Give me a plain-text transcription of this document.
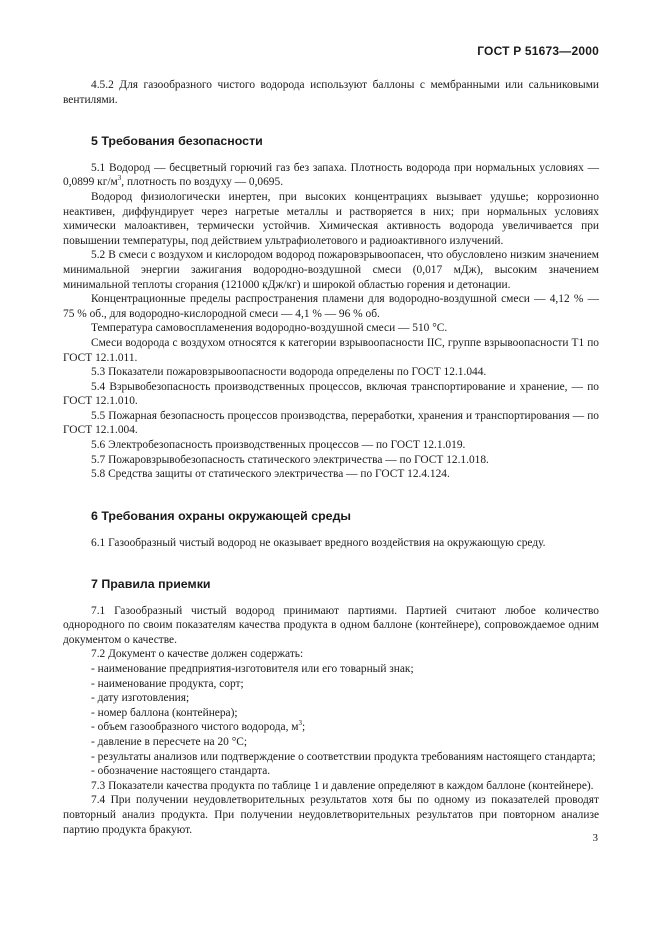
ГОСТ Р 51673—2000

4.5.2 Для газообразного чистого водорода используют баллоны с мембранными или сальниковыми вентилями.

5 Требования безопасности

5.1 Водород — бесцветный горючий газ без запаха. Плотность водорода при нормальных условиях — 0,0899 $кг/м^3$, плотность по воздуху — 0,0695.

Водород физиологически инертен, при высоких концентрациях вызывает удушье; коррозионно неактивен, диффундирует через нагретые металлы и растворяется в них; при нормальных условиях химически малоактивен, термически устойчив. Химическая активность водорода увеличивается при повышении температуры, под действием ультрафиолетового и радиоактивного излучений.

5.2 В смеси с воздухом и кислородом водород пожаровзрывоопасен, что обусловлено низким значением минимальной энергии зажигания водородно-воздушной смеси (0,017 мДж), высоким значением минимальной теплоты сгорания (121000 кДж/кг) и широкой областью горения и детонации.

Концентрационные пределы распространения пламени для водородно-воздушной смеси — 4,12 % — 75 % об., для водородно-кислородной смеси — 4,1 % — 96 % об.

Температура самовоспламенения водородно-воздушной смеси — 510 °С.

Смеси водорода с воздухом относятся к категории взрывоопасности IIC, группе взрывоопасности Т1 по ГОСТ 12.1.011.

5.3 Показатели пожаровзрывоопасности водорода определены по ГОСТ 12.1.044.

5.4 Взрывобезопасность производственных процессов, включая транспортирование и хранение, — по ГОСТ 12.1.010.

5.5 Пожарная безопасность процессов производства, переработки, хранения и транспортирования — по ГОСТ 12.1.004.

5.6 Электробезопасность производственных процессов — по ГОСТ 12.1.019.

5.7 Пожаровзрывобезопасность статического электричества — по ГОСТ 12.1.018.

5.8 Средства защиты от статического электричества — по ГОСТ 12.4.124.

6 Требования охраны окружающей среды

6.1 Газообразный чистый водород не оказывает вредного воздействия на окружающую среду.

7 Правила приемки

7.1 Газообразный чистый водород принимают партиями. Партией считают любое количество однородного по своим показателям качества продукта в одном баллоне (контейнере), сопровождаемое одним документом о качестве.

7.2 Документ о качестве должен содержать:

- наименование предприятия-изготовителя или его товарный знак;

- наименование продукта, сорт;

- дату изготовления;

- номер баллона (контейнера);

- объем газообразного чистого водорода, $м^3$;

- давление в пересчете на 20 °С;

- результаты анализов или подтверждение о соответствии продукта требованиям настоящего стандарта;

- обозначение настоящего стандарта.

7.3 Показатели качества продукта по таблице 1 и давление определяют в каждом баллоне (контейнере).

7.4 При получении неудовлетворительных результатов хотя бы по одному из показателей проводят повторный анализ продукта. При получении неудовлетворительных результатов при повторном анализе партию продукта бракуют.

3
